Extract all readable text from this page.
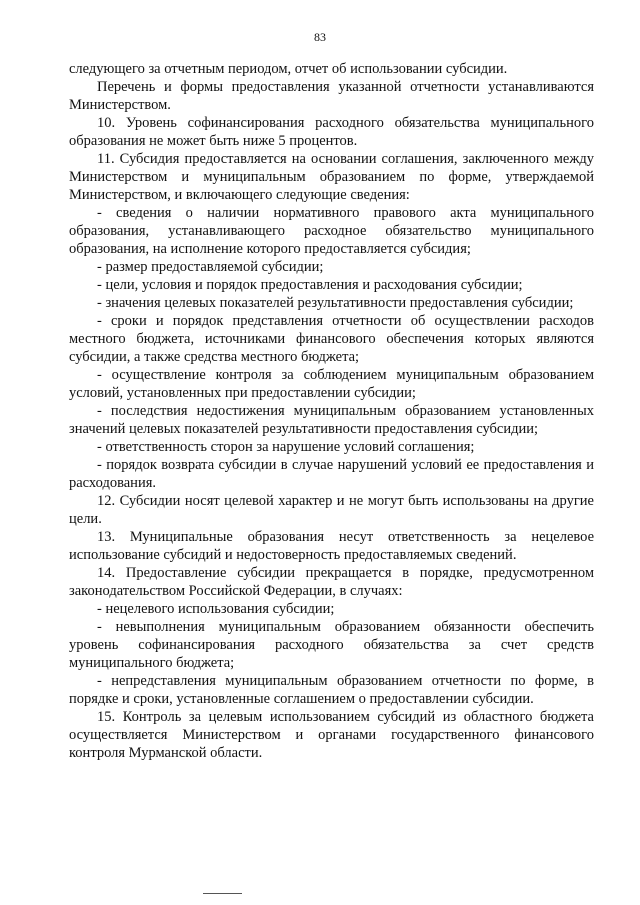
83

следующего за отчетным периодом, отчет об использовании субсидии.

Перечень и формы предоставления указанной отчетности устанавливаются Министерством.

10. Уровень софинансирования расходного обязательства муниципального образования не может быть ниже 5 процентов.

11. Субсидия предоставляется на основании соглашения, заключенного между Министерством и муниципальным образованием по форме, утверждаемой Министерством, и включающего следующие сведения:

- сведения о наличии нормативного правового акта муниципального образования, устанавливающего расходное обязательство муниципального образования, на исполнение которого предоставляется субсидия;

- размер предоставляемой субсидии;

- цели, условия и порядок предоставления и расходования субсидии;

- значения целевых показателей результативности предоставления субсидии;

- сроки и порядок представления отчетности об осуществлении расходов местного бюджета, источниками финансового обеспечения которых являются субсидии, а также средства местного бюджета;

- осуществление контроля за соблюдением муниципальным образованием условий, установленных при предоставлении субсидии;

- последствия недостижения муниципальным образованием установленных значений целевых показателей результативности предоставления субсидии;

- ответственность сторон за нарушение условий соглашения;

- порядок возврата субсидии в случае нарушений условий ее предоставления и расходования.

12. Субсидии носят целевой характер и не могут быть использованы на другие цели.

13. Муниципальные образования несут ответственность за нецелевое использование субсидий и недостоверность предоставляемых сведений.

14. Предоставление субсидии прекращается в порядке, предусмотренном законодательством Российской Федерации, в случаях:

- нецелевого использования субсидии;

- невыполнения муниципальным образованием обязанности обеспечить уровень софинансирования расходного обязательства за счет средств муниципального бюджета;

- непредставления муниципальным образованием отчетности по форме, в порядке и сроки, установленные соглашением о предоставлении субсидии.

15. Контроль за целевым использованием субсидий из областного бюджета осуществляется Министерством и органами государственного финансового контроля Мурманской области.
